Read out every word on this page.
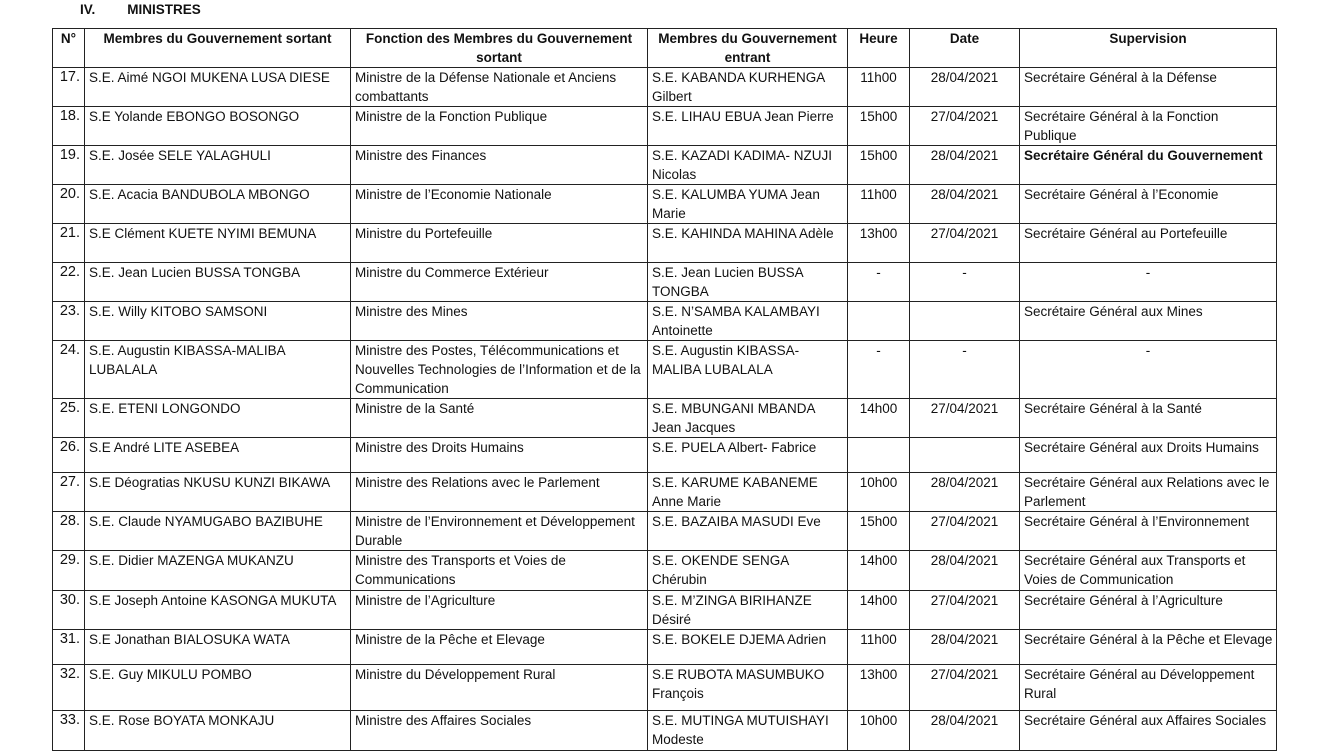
IV. MINISTRES
N°	Membres du Gouvernement sortant	Fonction des Membres du Gouvernement sortant	Membres du Gouvernement entrant	Heure	Date	Supervision
17.	S.E. Aimé NGOI MUKENA LUSA DIESE	Ministre de la Défense Nationale et Anciens combattants	S.E. KABANDA KURHENGA Gilbert	11h00	28/04/2021	Secrétaire Général à la Défense
18.	S.E Yolande EBONGO BOSONGO	Ministre de la Fonction Publique	S.E. LIHAU EBUA Jean Pierre	15h00	27/04/2021	Secrétaire Général à la Fonction Publique
19.	S.E. Josée SELE YALAGHULI	Ministre des Finances	S.E. KAZADI KADIMA- NZUJI Nicolas	15h00	28/04/2021	Secrétaire Général du Gouvernement
20.	S.E. Acacia BANDUBOLA MBONGO	Ministre de l’Economie Nationale	S.E. KALUMBA YUMA Jean Marie	11h00	28/04/2021	Secrétaire Général à l’Economie
21.	S.E Clément KUETE NYIMI BEMUNA	Ministre du Portefeuille	S.E. KAHINDA MAHINA Adèle	13h00	27/04/2021	Secrétaire Général au Portefeuille
22.	S.E. Jean Lucien BUSSA TONGBA	Ministre du Commerce Extérieur	S.E. Jean Lucien BUSSA TONGBA	-	-	-
23.	S.E. Willy KITOBO SAMSONI	Ministre des Mines	S.E. N’SAMBA KALAMBAYI Antoinette			Secrétaire Général aux Mines
24.	S.E. Augustin KIBASSA-MALIBA LUBALALA	Ministre des Postes, Télécommunications et Nouvelles Technologies de l’Information et de la Communication	S.E. Augustin KIBASSA-MALIBA LUBALALA	-	-	-
25.	S.E. ETENI LONGONDO	Ministre de la Santé	S.E. MBUNGANI MBANDA Jean Jacques	14h00	27/04/2021	Secrétaire Général à la Santé
26.	S.E André LITE ASEBEA	Ministre des Droits Humains	S.E. PUELA Albert- Fabrice			Secrétaire Général aux Droits Humains
27.	S.E Déogratias NKUSU KUNZI BIKAWA	Ministre des Relations avec le Parlement	S.E. KARUME KABANEME Anne Marie	10h00	28/04/2021	Secrétaire Général aux Relations avec le Parlement
28.	S.E. Claude NYAMUGABO BAZIBUHE	Ministre de l’Environnement et Développement Durable	S.E. BAZAIBA MASUDI Eve	15h00	27/04/2021	Secrétaire Général à l’Environnement
29.	S.E. Didier MAZENGA MUKANZU	Ministre des Transports et Voies de Communications	S.E. OKENDE SENGA Chérubin	14h00	28/04/2021	Secrétaire Général aux Transports et Voies de Communication
30.	S.E Joseph Antoine KASONGA MUKUTA	Ministre de l’Agriculture	S.E. M’ZINGA BIRIHANZE Désiré	14h00	27/04/2021	Secrétaire Général à l’Agriculture
31.	S.E Jonathan BIALOSUKA WATA	Ministre de la Pêche et Elevage	S.E. BOKELE DJEMA Adrien	11h00	28/04/2021	Secrétaire Général à la Pêche et Elevage
32.	S.E. Guy MIKULU POMBO	Ministre du Développement Rural	S.E RUBOTA MASUMBUKO François	13h00	27/04/2021	Secrétaire Général au Développement Rural
33.	S.E. Rose BOYATA MONKAJU	Ministre des Affaires Sociales	S.E. MUTINGA MUTUISHAYI Modeste	10h00	28/04/2021	Secrétaire Général aux Affaires Sociales
